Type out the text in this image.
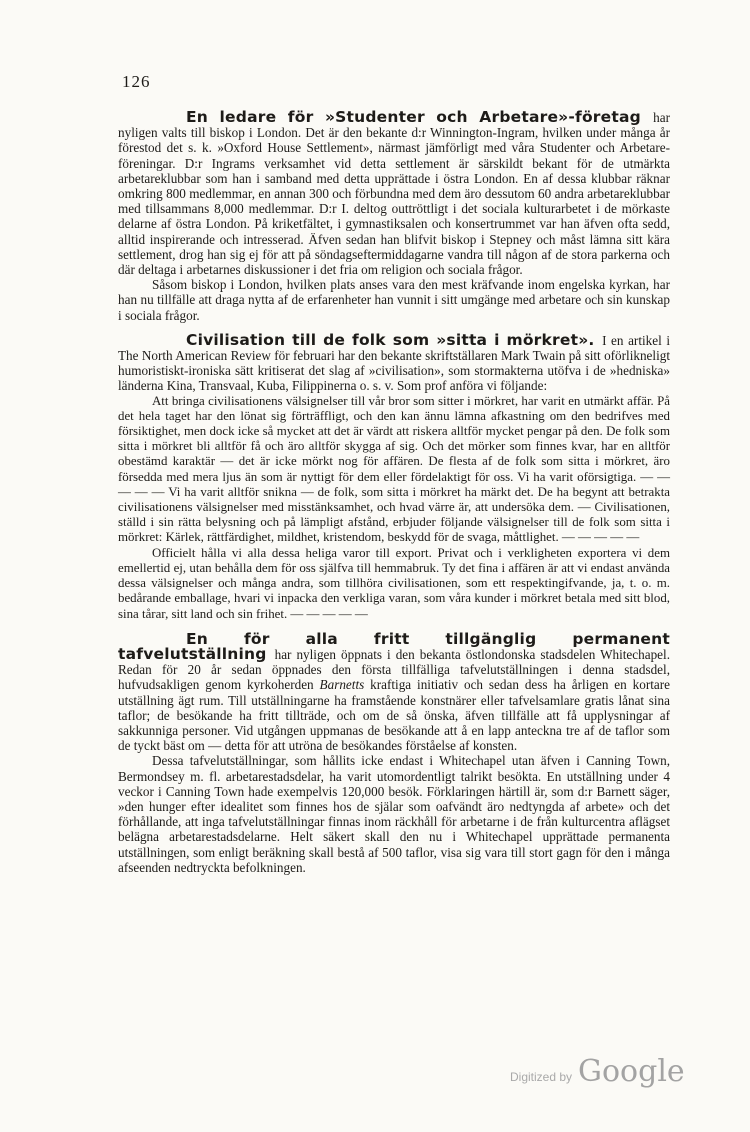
126

En ledare för »Studenter och Arbetare»-företag har nyligen valts till biskop i London. Det är den bekante d:r Winnington-Ingram, hvilken under många år förestod det s. k. »Oxford House Settlement», närmast jämförligt med våra Studenter och Arbetare-föreningar. D:r Ingrams verksamhet vid detta settlement är särskildt bekant för de utmärkta arbetareklubbar som han i samband med detta upprättade i östra London. En af dessa klubbar räknar omkring 800 medlemmar, en annan 300 och förbundna med dem äro dessutom 60 andra arbetareklubbar med tillsammans 8,000 medlemmar. D:r I. deltog outtröttligt i det sociala kulturarbetet i de mörkaste delarne af östra London. På kriketfältet, i gymnastiksalen och konsertrummet var han äfven ofta sedd, alltid inspirerande och intresserad. Äfven sedan han blifvit biskop i Stepney och måst lämna sitt kära settlement, drog han sig ej för att på söndagseftermiddagarne vandra till någon af de stora parkerna och där deltaga i arbetarnes diskussioner i det fria om religion och sociala frågor.

Såsom biskop i London, hvilken plats anses vara den mest kräfvande inom engelska kyrkan, har han nu tillfälle att draga nytta af de erfarenheter han vunnit i sitt umgänge med arbetare och sin kunskap i sociala frågor.

Civilisation till de folk som »sitta i mörkret». I en artikel i The North American Review för februari har den bekante skriftställaren Mark Twain på sitt oförlikneligt humoristiskt-ironiska sätt kritiserat det slag af »civilisation», som stormakterna utöfva i de »hedniska» länderna Kina, Transvaal, Kuba, Filippinerna o. s. v. Som prof anföra vi följande:

Att bringa civilisationens välsignelser till vår bror som sitter i mörkret, har varit en utmärkt affär. På det hela taget har den lönat sig förträffligt, och den kan ännu lämna afkastning om den bedrifves med försiktighet, men dock icke så mycket att det är värdt att riskera alltför mycket pengar på den. De folk som sitta i mörkret bli alltför få och äro alltför skygga af sig. Och det mörker som finnes kvar, har en alltför obestämd karaktär — det är icke mörkt nog för affären. De flesta af de folk som sitta i mörkret, äro försedda med mera ljus än som är nyttigt för dem eller fördelaktigt för oss. Vi ha varit oförsigtiga. — — — — — Vi ha varit alltför snikna — de folk, som sitta i mörkret ha märkt det. De ha begynt att betrakta civilisationens välsignelser med misstänksamhet, och hvad värre är, att undersöka dem. — Civilisationen, ställd i sin rätta belysning och på lämpligt afstånd, erbjuder följande välsignelser till de folk som sitta i mörkret: Kärlek, rättfärdighet, mildhet, kristendom, beskydd för de svaga, måttlighet. — — — — —

Officielt hålla vi alla dessa heliga varor till export. Privat och i verkligheten exportera vi dem emellertid ej, utan behålla dem för oss själfva till hemmabruk. Ty det fina i affären är att vi endast använda dessa välsignelser och många andra, som tillhöra civilisationen, som ett respektingifvande, ja, t. o. m. bedårande emballage, hvari vi inpacka den verkliga varan, som våra kunder i mörkret betala med sitt blod, sina tårar, sitt land och sin frihet. — — — — —

En för alla fritt tillgänglig permanent tafvelutställning har nyligen öppnats i den bekanta östlondonska stadsdelen Whitechapel. Redan för 20 år sedan öppnades den första tillfälliga tafvelutställningen i denna stadsdel, hufvudsakligen genom kyrkoherden Barnetts kraftiga initiativ och sedan dess ha årligen en kortare utställning ägt rum. Till utställningarne ha framstående konstnärer eller tafvelsamlare gratis lånat sina taflor; de besökande ha fritt tillträde, och om de så önska, äfven tillfälle att få upplysningar af sakkunniga personer. Vid utgången uppmanas de besökande att å en lapp anteckna tre af de taflor som de tyckt bäst om — detta för att utröna de besökandes förståelse af konsten.

Dessa tafvelutställningar, som hållits icke endast i Whitechapel utan äfven i Canning Town, Bermondsey m. fl. arbetarestadsdelar, ha varit utomordentligt talrikt besökta. En utställning under 4 veckor i Canning Town hade exempelvis 120,000 besök. Förklaringen härtill är, som d:r Barnett säger, »den hunger efter idealitet som finnes hos de själar som oafvändt äro nedtyngda af arbete» och det förhållande, att inga tafvelutställningar finnas inom räckhåll för arbetarne i de från kulturcentra aflägset belägna arbetarestadsdelarne. Helt säkert skall den nu i Whitechapel upprättade permanenta utställningen, som enligt beräkning skall bestå af 500 taflor, visa sig vara till stort gagn för den i många afseenden nedtryckta befolkningen.

Digitized by Google
